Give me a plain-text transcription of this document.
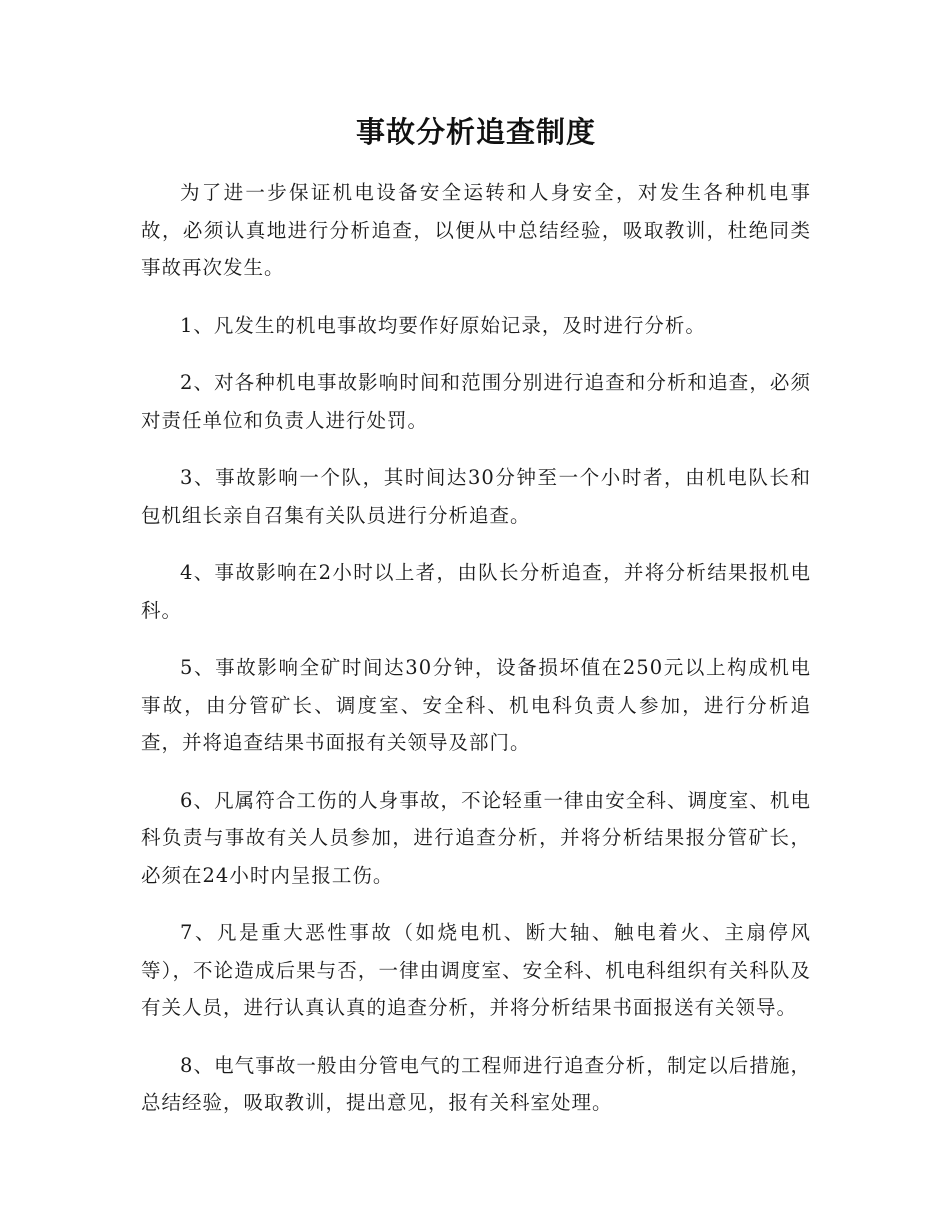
事故分析追查制度

为了进一步保证机电设备安全运转和人身安全，对发生各种机电事故，必须认真地进行分析追查，以便从中总结经验，吸取教训，杜绝同类事故再次发生。

1、凡发生的机电事故均要作好原始记录，及时进行分析。

2、对各种机电事故影响时间和范围分别进行追查和分析和追查，必须对责任单位和负责人进行处罚。

3、事故影响一个队，其时间达30分钟至一个小时者，由机电队长和包机组长亲自召集有关队员进行分析追查。

4、事故影响在2小时以上者，由队长分析追查，并将分析结果报机电科。

5、事故影响全矿时间达30分钟，设备损坏值在250元以上构成机电事故，由分管矿长、调度室、安全科、机电科负责人参加，进行分析追查，并将追查结果书面报有关领导及部门。

6、凡属符合工伤的人身事故，不论轻重一律由安全科、调度室、机电科负责与事故有关人员参加，进行追查分析，并将分析结果报分管矿长，必须在24小时内呈报工伤。

7、凡是重大恶性事故（如烧电机、断大轴、触电着火、主扇停风等），不论造成后果与否，一律由调度室、安全科、机电科组织有关科队及有关人员，进行认真认真的追查分析，并将分析结果书面报送有关领导。

8、电气事故一般由分管电气的工程师进行追查分析，制定以后措施，总结经验，吸取教训，提出意见，报有关科室处理。
